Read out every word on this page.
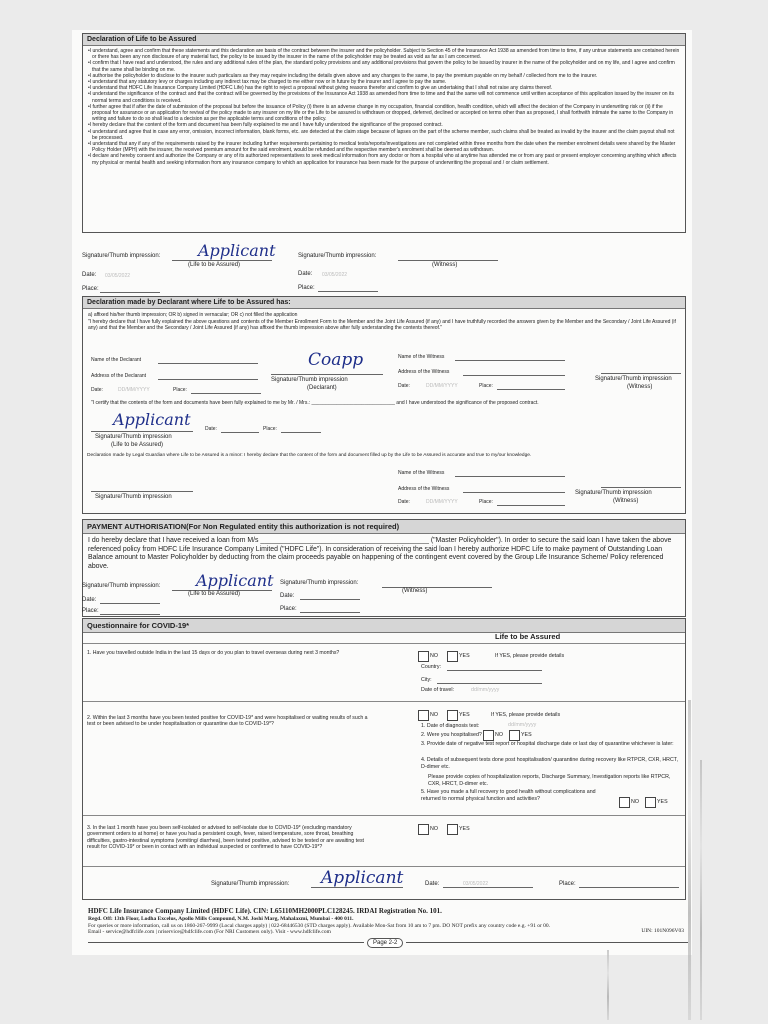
Declaration of Life to be Assured
•I understand, agree and confirm that these statements and this declaration are basis of the contract between the insurer and the policyholder. Subject to Section 45 of the Insurance Act 1938 as amended from time to time, if any untrue statements are contained herein or there has been any non disclosure of any material fact, the policy to be issued by the insurer in the name of the policyholder may be treated as void as far as I am concerned.
•I confirm that I have read and understood, the rules and any additional rules of the plan, the standard policy provisions and any additional provisions that govern the policy to be issued by insurer in the name of the policyholder and on my life, and I agree and confirm that the same shall be binding on me.
•I authorise the policyholder to disclose to the insurer such particulars as they may require including the details given above and any changes to the same, to pay the premium payable on my behalf / collected from me to the insurer.
•I understand that any statutory levy or charges including any indirect tax may be charged to me either now or in future by the insurer and I agree to pay the same.
•I understand that HDFC Life Insurance Company Limited (HDFC Life) has the right to reject a proposal without giving reasons therefor and confirm to give an undertaking that I shall not raise any claims thereof.
•I understand the significance of the contract and that the contract will be governed by the provisions of the Insurance Act 1938 as amended from time to time and that the same will not commence until written acceptance of this application issued by the insurer on its normal terms and conditions is received.
•I further agree that if after the date of submission of the proposal but before the issuance of Policy (i) there is an adverse change in my occupation, financial condition, health condition, which will affect the decision of the Company in underwriting risk or (ii) if the proposal for assurance or an application for revival of the policy made to any insurer on my life or the Life to be assured is withdrawn or dropped, deferred, declined or accepted on terms other than as proposed, I shall forthwith intimate the same to the Company in writing and failure to do so shall lead to a decision as per the applicable terms and conditions of the policy.
•I hereby declare that the content of the form and document has been fully explained to me and I have fully understood the significance of the proposed contract.
•I understand and agree that in case any error, omission, incorrect information, blank forms, etc. are detected at the claim stage because of lapses on the part of the scheme member, such claims shall be treated as invalid by the insurer and the claim payout shall not be processed.
•I understand that any if any of the requirements raised by the insurer including further requirements pertaining to medical tests/reports/investigations are not completed within three months from the date when the member enrolment details were shared by the Master Policy Holder (MPH) with the insurer, the received premium amount for the said enrolment, would be refunded and the respective member's enrolment shall be deemed as withdrawn.
•I declare and hereby consent and authorize the Company or any of its authorized representatives to seek medical information from any doctor or from a hospital who at anytime has attended me or from any past or present employer concerning anything which affects my physical or mental health and seeking information from any insurance company to which an application for insurance has been made for the purpose of underwriting the proposal and / or claim settlement.
Signature/Thumb impression: Applicant
(Life to be Assured)
Signature/Thumb impression:
(Witness)
Date: 03/05/2022
Place:
Date: 03/05/2022
Place:
Declaration made by Declarant where Life to be Assured has:
a) affixed his/her thumb impression; OR b) signed in vernacular; OR c) not filled the application
"I hereby declare that I have fully explained the above questions and contents of the Member Enrollment Form to the Member and the Joint Life Assured (if any) and I have truthfully recorded the answers given by the Member and the Secondary / Joint Life Assured (if any) and that the Member and the Secondary / Joint Life Assured (if any) has affixed the thumb impression above after fully understanding the contents thereof."
Name of the Declarant
Address of the Declarant
Date:	DD/MM/YYYY	Place:
Coapp
Signature/Thumb impression
(Declarant)
Name of the Witness
Address of the Witness
Date:	DD/MM/YYYY	Place:
Signature/Thumb impression
(Witness)
"I certify that the contents of the form and documents have been fully explained to me by Mr. / Mrs.: ______________________________ and I have understood the significance of the proposed contract.
Applicant
Signature/Thumb impression
(Life to be Assured)
Date:	Place:
Declaration made by Legal Guardian where Life to be Assured is a minor: I hereby declare that the content of the form and document filled up by the Life to be Assured is accurate and true to my/our knowledge.
Signature/Thumb impression
Name of the Witness
Address of the Witness
Date:	DD/MM/YYYY	Place:
Signature/Thumb impression
(Witness)
PAYMENT AUTHORISATION(For Non Regulated entity this authorization is not required)
I do hereby declare that I have received a loan from M/s ____________________________________________ ("Master Policyholder"). In order to secure the said loan I have taken the above referenced policy from HDFC Life Insurance Company Limited ("HDFC Life"). In consideration of receiving the said loan I hereby authorize HDFC Life to make payment of Outstanding Loan Balance amount to Master Policyholder by deducting from the claim proceeds payable on happening of the contingent event covered by the Group Life Insurance Scheme/ Policy referenced above.
Signature/Thumb impression: Applicant
(Life to be Assured)
Signature/Thumb impression:
(Witness)
Date:
Place:
Date:
Place:
Questionnaire for COVID-19*
Life to be Assured
1. Have you travelled outside India in the last 15 days or do you plan to travel overseas during next 3 months?	NO	YES	If YES, please provide details
Country:
City:
Date of travel:	dd/mm/yyyy
2. Within the last 3 months have you been tested positive for COVID-19* and were hospitalised or waiting results of such a test or been advised to be under hospitalisation or quarantine due to COVID-19*?
NO	YES	If YES, please provide details
1. Date of diagnosis test:	dd/mm/yyyy
2. Were you hospitalised? NO	YES
3. Provide date of negative test report or hospital discharge date or last day of quarantine whichever is later:
4. Details of subsequent tests done post hospitalisation/ quarantine during recovery like RTPCR, CXR, HRCT, D-dimer etc.
Please provide copies of hospitalization reports, Discharge Summary, Investigation reports like RTPCR, CXR, HRCT, D-dimer etc.
5. Have you made a full recovery to good health without complications and returned to normal physical function and activities?
NO	YES
3. In the last 1 month have you been self-isolated or advised to self-isolate due to COVID-19* (excluding mandatory government orders to at home) or have you had a persistent cough, fever, raised temperature, sore throat, breathing difficulties, gastro-intestinal symptoms (vomiting/ diarrhea), been tested positive, advised to be tested or are awaiting test result for COVID-19* or been in contact with an individual suspected or confirmed to have COVID-19*?
NO	YES
Signature/Thumb impression: Applicant	Date:	03/05/2022	Place:
HDFC Life Insurance Company Limited (HDFC Life). CIN: L65110MH2000PLC128245. IRDAI Registration No. 101.
Regd. Off: 13th Floor, Lodha Excelus, Apollo Mills Compound, N.M. Joshi Marg, Mahalaxmi, Mumbai - 400 011.
For queries or more information, call us on 1860-267-9999 (Local charges apply) | 022-68446530 (STD charges apply). Available Mon-Sat from 10 am to 7 pm. DO NOT prefix any country code e.g. +91 or 00.
Email - service@hdfclife.com | nriservice@hdfclife.com (For NRI Customers only). Visit - www.hdfclife.com	UIN: 101N096V03
Page 2-2
